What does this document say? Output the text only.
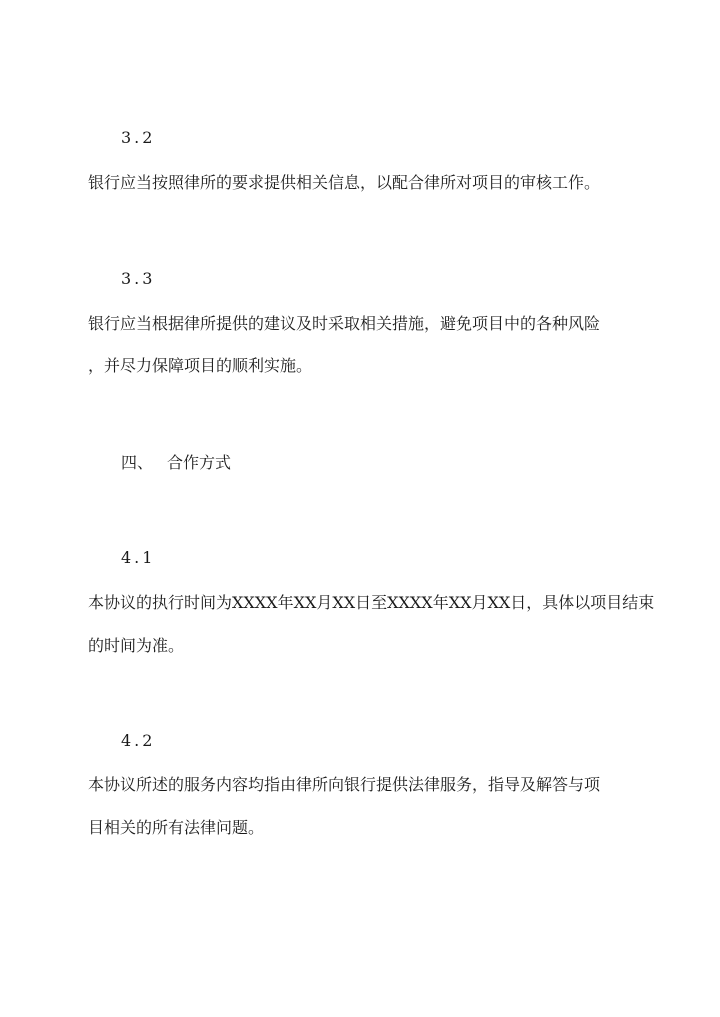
3.2
银行应当按照律所的要求提供相关信息，以配合律所对项目的审核工作。
3.3
银行应当根据律所提供的建议及时采取相关措施，避免项目中的各种风险
，并尽力保障项目的顺利实施。
四、 合作方式
4.1
本协议的执行时间为XXXX年XX月XX日至XXXX年XX月XX日，具体以项目结束
的时间为准。
4.2
本协议所述的服务内容均指由律所向银行提供法律服务，指导及解答与项
目相关的所有法律问题。
